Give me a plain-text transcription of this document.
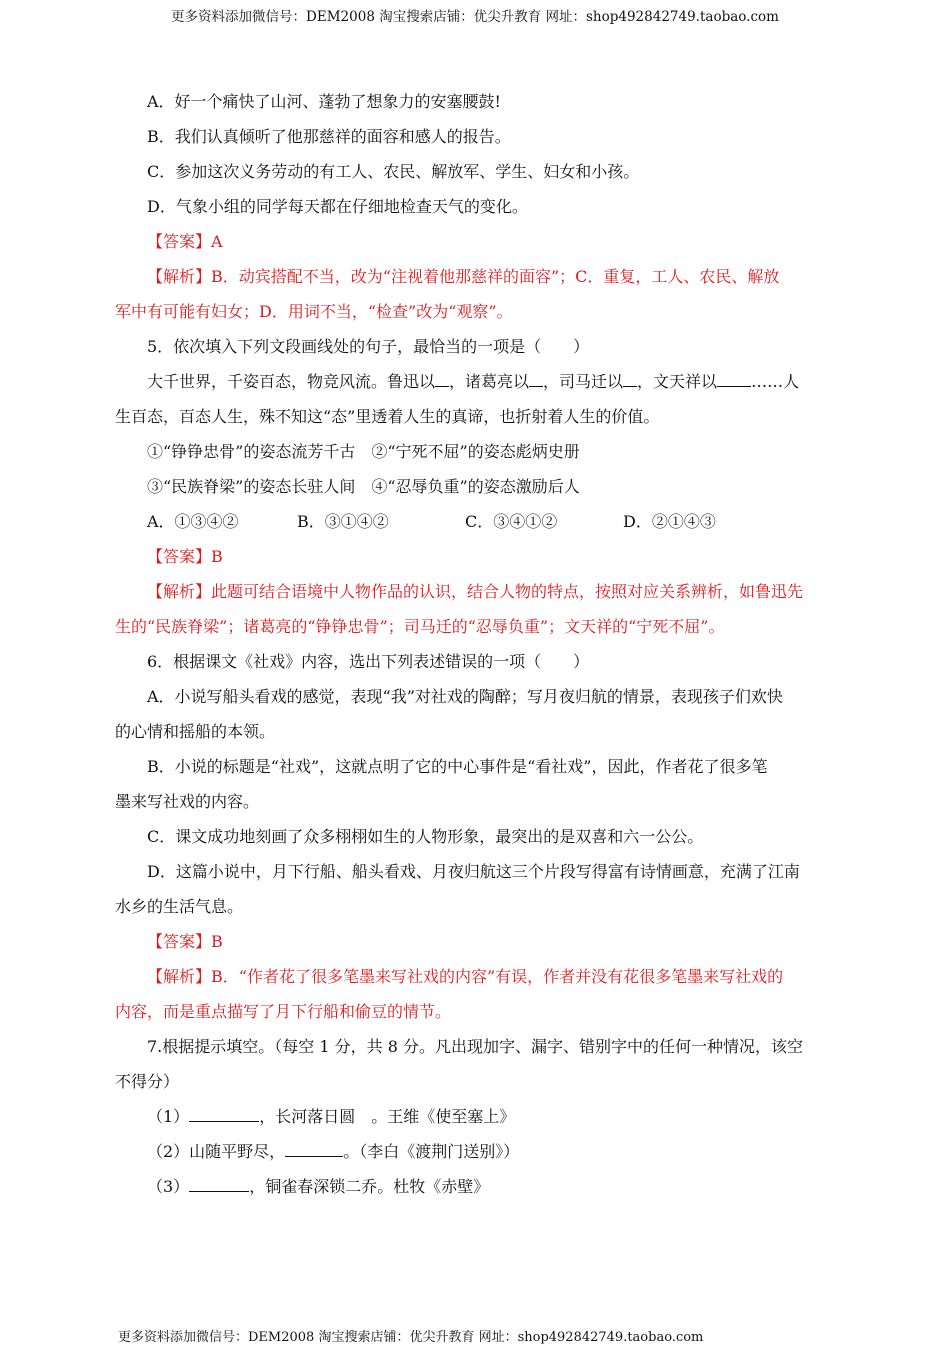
更多资料添加微信号：DEM2008 淘宝搜索店铺：优尖升教育 网址：shop492842749.taobao.com
A．好一个痛快了山河、蓬勃了想象力的安塞腰鼓!
B．我们认真倾听了他那慈祥的面容和感人的报告。
C．参加这次义务劳动的有工人、农民、解放军、学生、妇女和小孩。
D．气象小组的同学每天都在仔细地检查天气的变化。
【答案】A
【解析】B．动宾搭配不当，改为“注视着他那慈祥的面容”；C．重复，工人、农民、解放
军中有可能有妇女；D．用词不当，“检查”改为“观察”。
5．依次填入下列文段画线处的句子，最恰当的一项是（　　）
大千世界，千姿百态，物竞风流。鲁迅以 ，诸葛亮以 ，司马迁以 ，文天祥以 ……人
生百态，百态人生，殊不知这“态”里透着人生的真谛，也折射着人生的价值。
①“铮铮忠骨”的姿态流芳千古　②“宁死不屈”的姿态彪炳史册
③“民族脊梁”的姿态长驻人间　④“忍辱负重”的姿态激励后人
A．①③④②	B．③①④②	C．③④①②	D．②①④③
【答案】B
【解析】此题可结合语境中人物作品的认识，结合人物的特点，按照对应关系辨析，如鲁迅先
生的“民族脊梁”；诸葛亮的“铮铮忠骨”；司马迁的“忍辱负重”；文天祥的“宁死不屈”。
6．根据课文《社戏》内容，选出下列表述错误的一项（　　）
A．小说写船头看戏的感觉，表现“我”对社戏的陶醉；写月夜归航的情景，表现孩子们欢快
的心情和摇船的本领。
B．小说的标题是“社戏”，这就点明了它的中心事件是“看社戏”，因此，作者花了很多笔
墨来写社戏的内容。
C．课文成功地刻画了众多栩栩如生的人物形象，最突出的是双喜和六一公公。
D．这篇小说中，月下行船、船头看戏、月夜归航这三个片段写得富有诗情画意，充满了江南
水乡的生活气息。
【答案】B
【解析】B．“作者花了很多笔墨来写社戏的内容”有误，作者并没有花很多笔墨来写社戏的
内容，而是重点描写了月下行船和偷豆的情节。
7.根据提示填空。（每空 1 分，共 8 分。凡出现加字、漏字、错别字中的任何一种情况，该空
不得分）
（1）	，长河落日圆　。王维《使至塞上》
（2）山随平野尽，	。（李白《渡荆门送别》）
（3）	，铜雀春深锁二乔。杜牧《赤壁》
更多资料添加微信号：DEM2008 淘宝搜索店铺：优尖升教育 网址：shop492842749.taobao.com
